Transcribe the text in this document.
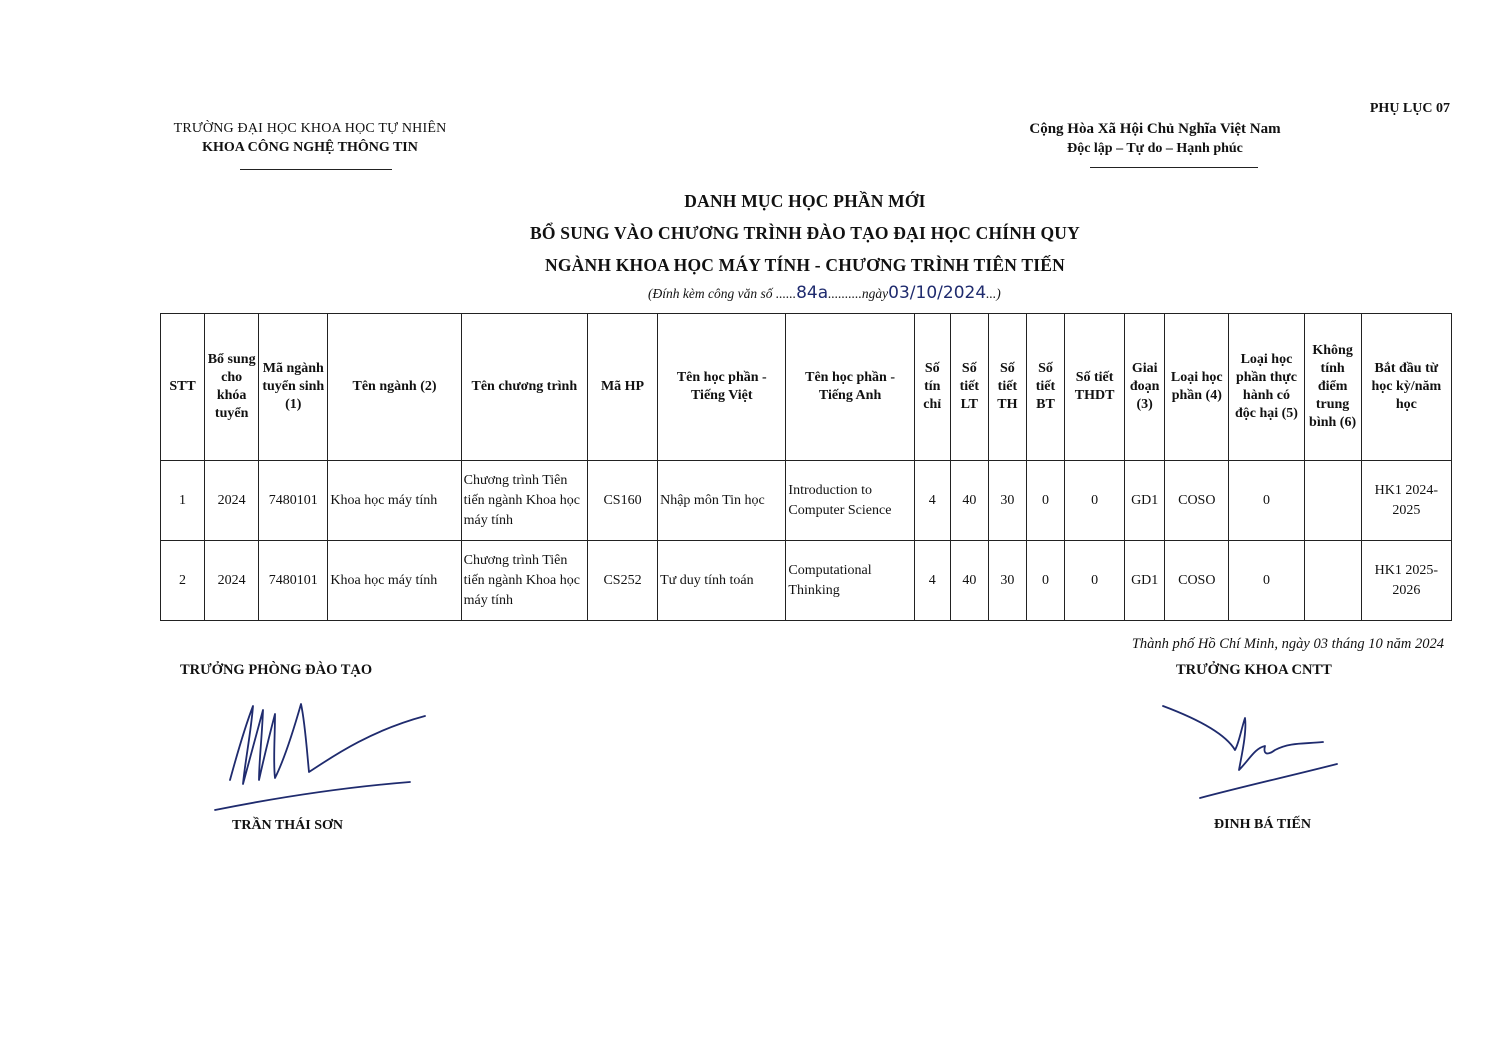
PHỤ LỤC 07
TRƯỜNG ĐẠI HỌC KHOA HỌC TỰ NHIÊN
KHOA CÔNG NGHỆ THÔNG TIN
Cộng Hòa Xã Hội Chủ Nghĩa Việt Nam
Độc lập – Tự do – Hạnh phúc
DANH MỤC HỌC PHẦN MỚI
BỔ SUNG VÀO CHƯƠNG TRÌNH ĐÀO TẠO ĐẠI HỌC CHÍNH QUY
NGÀNH KHOA HỌC MÁY TÍNH - CHƯƠNG TRÌNH TIÊN TIẾN
(Đính kèm công văn số ......84a..........ngày03/10/2024...)
STT	Bổ sung cho khóa tuyển	Mã ngành tuyển sinh (1)	Tên ngành (2)	Tên chương trình	Mã HP	Tên học phần - Tiếng Việt	Tên học phần - Tiếng Anh	Số tín chỉ	Số tiết LT	Số tiết TH	Số tiết BT	Số tiết THDT	Giai đoạn (3)	Loại học phần (4)	Loại học phần thực hành có độc hại (5)	Không tính điểm trung bình (6)	Bắt đầu từ học kỳ/năm học
1	2024	7480101	Khoa học máy tính	Chương trình Tiên tiến ngành Khoa học máy tính	CS160	Nhập môn Tin học	Introduction to Computer Science	4	40	30	0	0	GD1	COSO	0		HK1 2024-2025
2	2024	7480101	Khoa học máy tính	Chương trình Tiên tiến ngành Khoa học máy tính	CS252	Tư duy tính toán	Computational Thinking	4	40	30	0	0	GD1	COSO	0		HK1 2025-2026
Thành phố Hồ Chí Minh, ngày 03 tháng 10 năm 2024
TRƯỞNG PHÒNG ĐÀO TẠO	TRƯỞNG KHOA CNTT
TRẦN THÁI SƠN	ĐINH BÁ TIẾN
